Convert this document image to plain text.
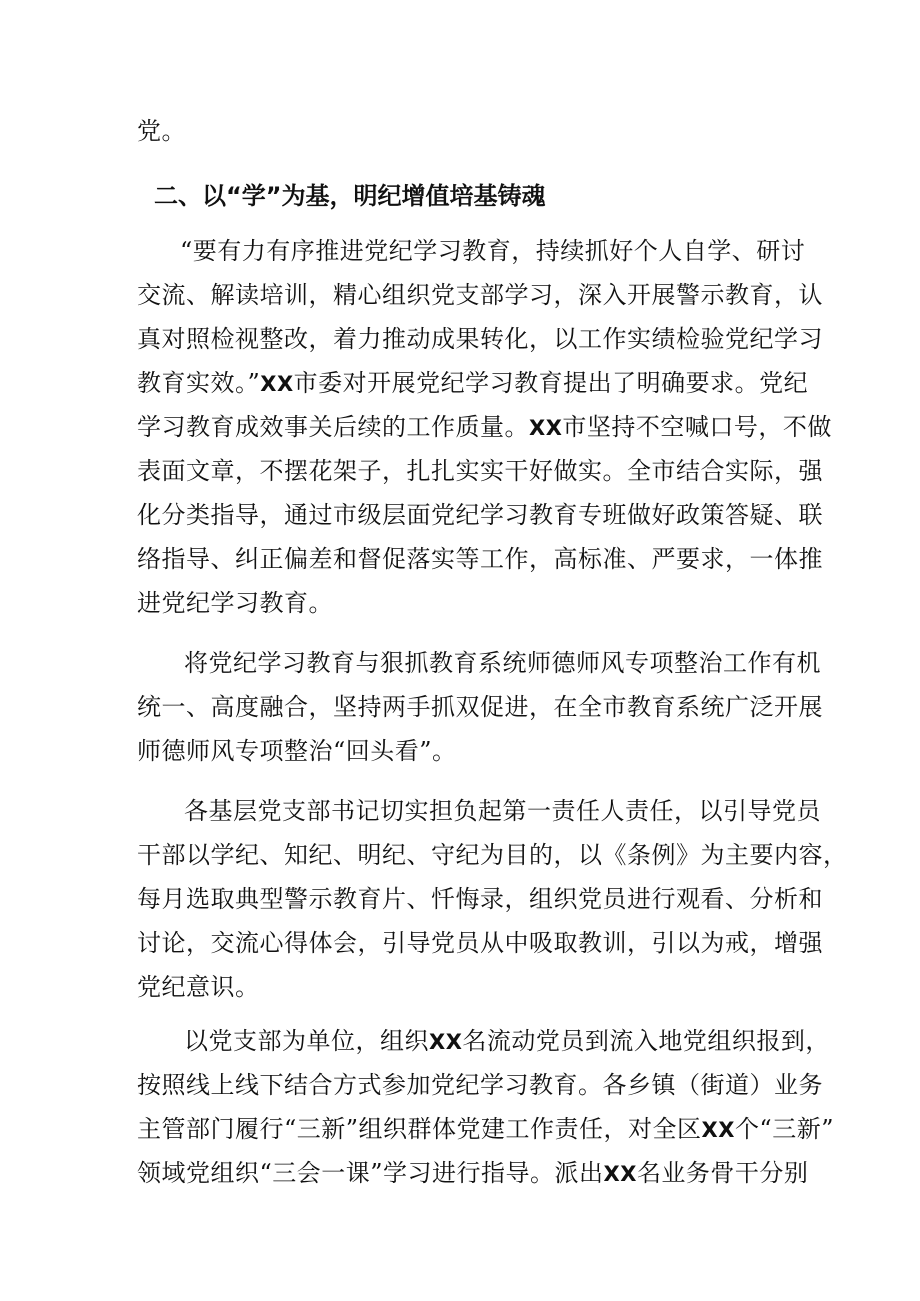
党。
二、以“学”为基，明纪增值培基铸魂
“要有力有序推进党纪学习教育，持续抓好个人自学、研讨
交流、解读培训，精心组织党支部学习，深入开展警示教育，认
真对照检视整改，着力推动成果转化，以工作实绩检验党纪学习
教育实效。”XX市委对开展党纪学习教育提出了明确要求。党纪
学习教育成效事关后续的工作质量。XX市坚持不空喊口号，不做
表面文章，不摆花架子，扎扎实实干好做实。全市结合实际，强
化分类指导，通过市级层面党纪学习教育专班做好政策答疑、联
络指导、纠正偏差和督促落实等工作，高标准、严要求，一体推
进党纪学习教育。
将党纪学习教育与狠抓教育系统师德师风专项整治工作有机
统一、高度融合，坚持两手抓双促进，在全市教育系统广泛开展
师德师风专项整治“回头看”。
各基层党支部书记切实担负起第一责任人责任，以引导党员
干部以学纪、知纪、明纪、守纪为目的，以《条例》为主要内容，
每月选取典型警示教育片、忏悔录，组织党员进行观看、分析和
讨论，交流心得体会，引导党员从中吸取教训，引以为戒，增强
党纪意识。
以党支部为单位，组织XX名流动党员到流入地党组织报到，
按照线上线下结合方式参加党纪学习教育。各乡镇（街道）业务
主管部门履行“三新”组织群体党建工作责任，对全区XX个“三新”
领域党组织“三会一课”学习进行指导。派出XX名业务骨干分别
